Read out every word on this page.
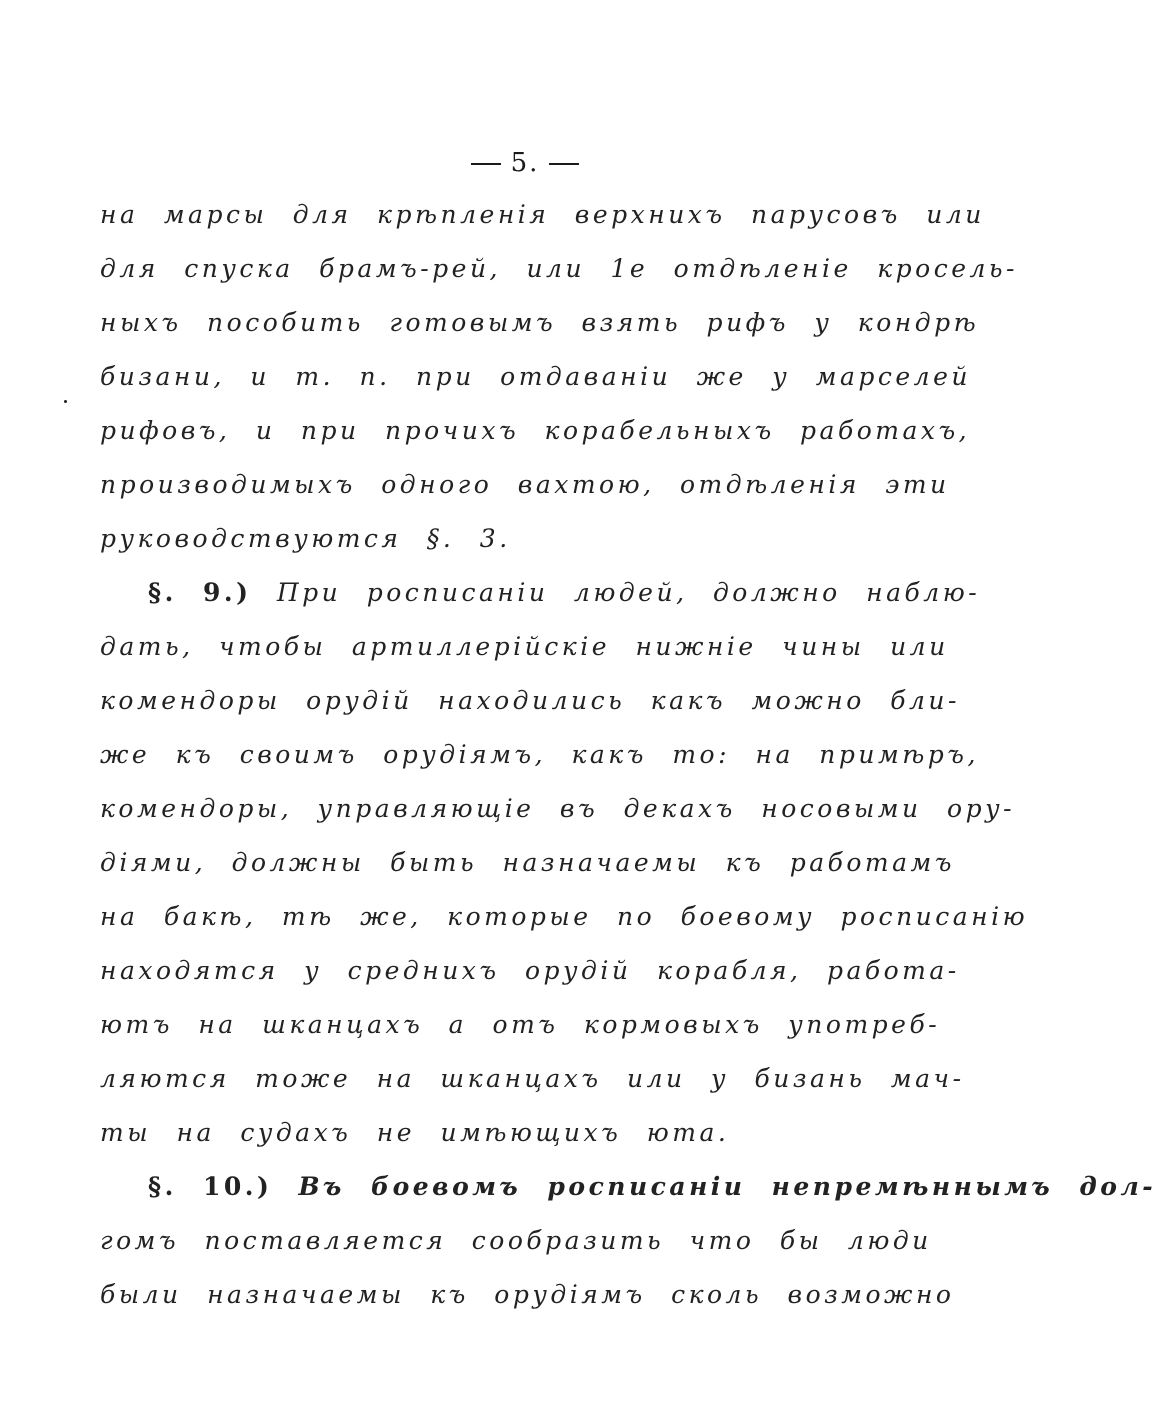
5.
на марсы для крѣпленія верхнихъ парусовъ или
для спуска брамъ-рей, или 1е отдѣленіе кросель-
ныхъ пособить готовымъ взять рифъ у кондрѣ
бизани, и т. п. при отдаваніи же у марселей
рифовъ, и при прочихъ корабельныхъ работахъ,
производимыхъ одного вахтою, отдѣленія эти
руководствуются §. 3.
§. 9.) При росписаніи людей, должно наблю-
дать, чтобы артиллерійскіе нижніе чины или
комендоры орудій находились какъ можно бли-
же къ своимъ орудіямъ, какъ то: на примѣръ,
комендоры, управляющіе въ декахъ носовыми ору-
діями, должны быть назначаемы къ работамъ
на бакѣ, тѣ же, которые по боевому росписанію
находятся у среднихъ орудій корабля, работа-
ютъ на шканцахъ а отъ кормовыхъ употреб-
ляются тоже на шканцахъ или у бизань мач-
ты на судахъ не имѣющихъ юта.
§. 10.) Въ боевомъ росписаніи непремѣннымъ дол-
гомъ поставляется сообразить что бы люди
были назначаемы къ орудіямъ сколь возможно
